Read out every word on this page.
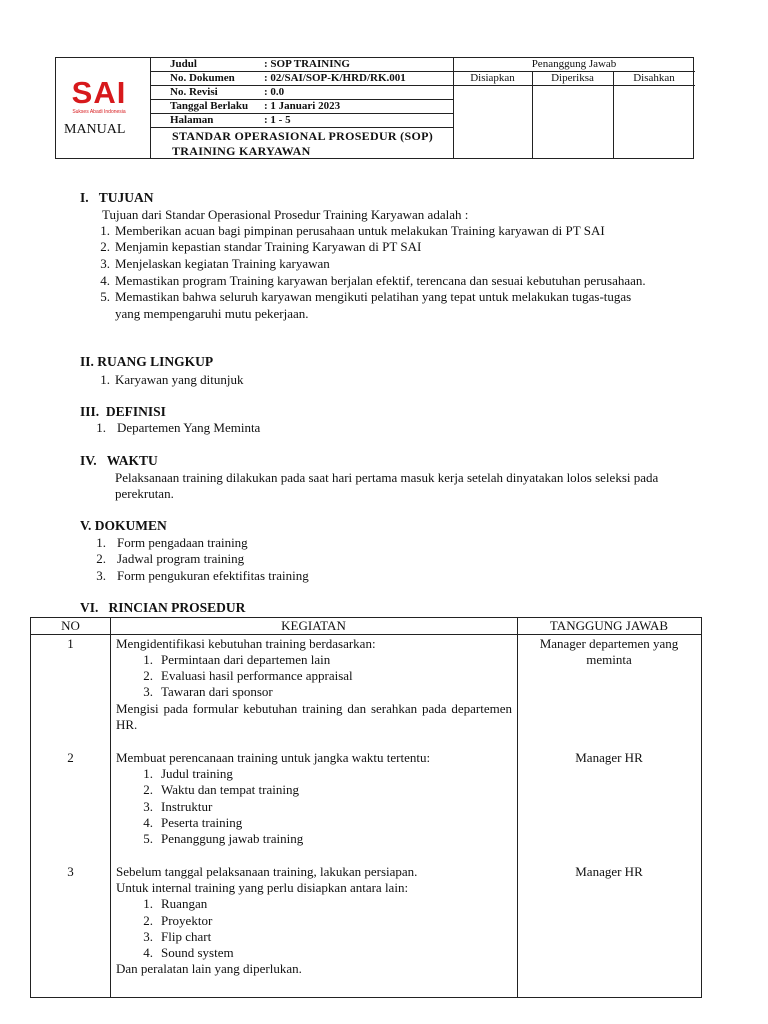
SAI
Sukses Abadi Indonesia
MANUAL
Judul	: SOP TRAINING
No. Dokumen	: 02/SAI/SOP-K/HRD/RK.001
No. Revisi	: 0.0
Tanggal Berlaku : 1 Januari 2023
Halaman	: 1 - 5
STANDAR OPERASIONAL PROSEDUR (SOP)
TRAINING KARYAWAN
Penanggung Jawab
Disiapkan	Diperiksa	Disahkan
I.   TUJUAN
Tujuan dari Standar Operasional Prosedur Training Karyawan adalah :
1. Memberikan acuan bagi pimpinan perusahaan untuk melakukan Training karyawan di PT SAI
2. Menjamin kepastian standar Training Karyawan di PT SAI
3. Menjelaskan kegiatan Training karyawan
4. Memastikan program Training karyawan berjalan efektif, terencana dan sesuai kebutuhan perusahaan.
5. Memastikan bahwa seluruh karyawan mengikuti pelatihan yang tepat untuk melakukan tugas-tugas
yang mempengaruhi mutu pekerjaan.
II. RUANG LINGKUP
1. Karyawan yang ditunjuk
III.  DEFINISI
1. Departemen Yang Meminta
IV.   WAKTU
Pelaksanaan training dilakukan pada saat hari pertama masuk kerja setelah dinyatakan lolos seleksi pada
perekrutan.
V. DOKUMEN
1. Form pengadaan training
2. Jadwal program training
3. Form pengukuran efektifitas training
VI.   RINCIAN PROSEDUR
NO	KEGIATAN	TANGGUNG JAWAB
1	Mengidentifikasi kebutuhan training berdasarkan:
1. Permintaan dari departemen lain
2. Evaluasi hasil performance appraisal
3. Tawaran dari sponsor
Mengisi pada formular kebutuhan training dan serahkan pada departemen HR.
Manager departemen yang meminta
2	Membuat perencanaan training untuk jangka waktu tertentu:
1. Judul training
2. Waktu dan tempat training
3. Instruktur
4. Peserta training
5. Penanggung jawab training
Manager HR
3	Sebelum tanggal pelaksanaan training, lakukan persiapan.
Untuk internal training yang perlu disiapkan antara lain:
1. Ruangan
2. Proyektor
3. Flip chart
4. Sound system
Dan peralatan lain yang diperlukan.
Manager HR
